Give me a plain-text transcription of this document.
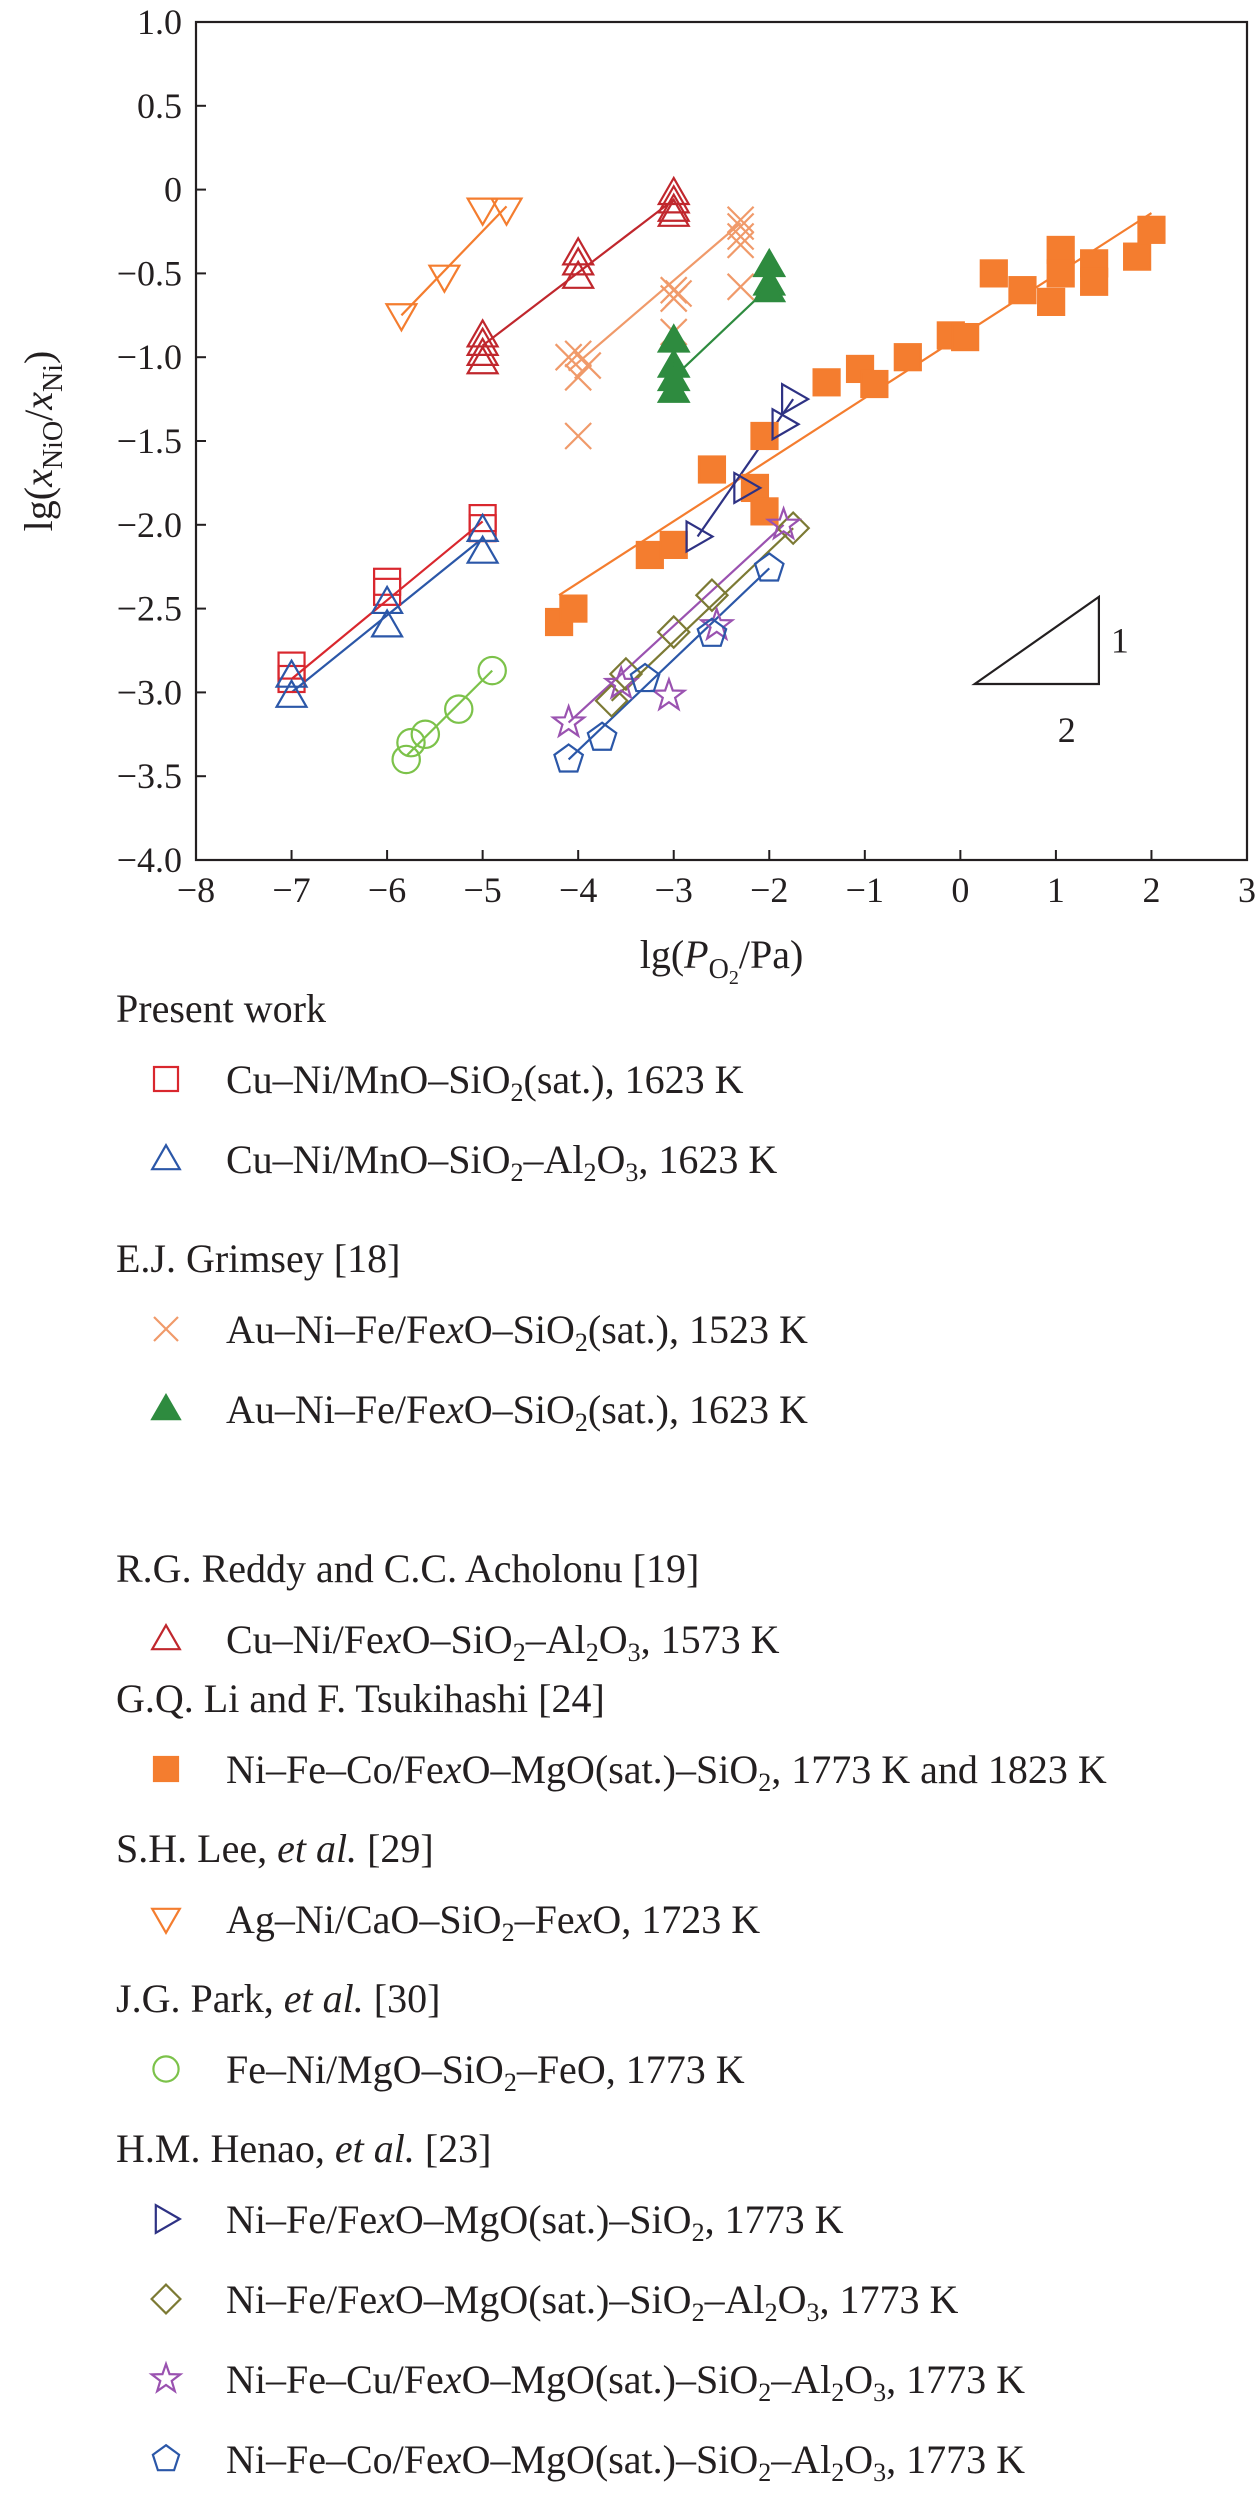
−8 −7 −6 −5 −4 −3 −2 −1 0 1 2 3
1.0
0.5
0
−0.5
−1.0
−1.5
−2.0
−2.5
−3.0
−3.5
−4.0
1
2
$\lg(P_O2/Pa)$
$\lg(x_{NiO}/x_{Ni})$
Present work
Cu–Ni/MnO–SiO$_2$(sat.), 1623 K
$Cu-Ni/MnO-SiO_2-Al_2O_3$, 1623 K
E.J. Grimsey [18]
Au–Ni–Fe/FexO–SiO$_2$(sat.), 1523 K
Au–Ni–Fe/FexO–SiO$_2$(sat.), 1623 K
R.G. Reddy and C.C. Acholonu [19]
$Cu-Ni/FexO-SiO_2-Al_2O_3$, 1573 K
G.Q. Li and F. Tsukihashi [24]
Ni–Fe–Co/FexO–MgO(sat.)–SiO$_2$, 1773 K and 1823 K
S.H. Lee, et al. [29]
Ag–Ni/CaO–SiO$_2$–FexO, 1723 K
J.G. Park, et al. [30]
Fe–Ni/MgO–SiO$_2$–FeO, 1773 K
H.M. Henao, et al. [23]
Ni–Fe/FexO–MgO(sat.)–SiO$_2$, 1773 K
$Ni-Fe/FexO-MgO(sat.)-SiO_2-Al_2O_3$, 1773 K
$Ni-Fe-Cu/FexO-MgO(sat.)-SiO_2-Al_2O_3$, 1773 K
$Ni-Fe-Co/FexO-MgO(sat.)-SiO_2-Al_2O_3$, 1773 K
